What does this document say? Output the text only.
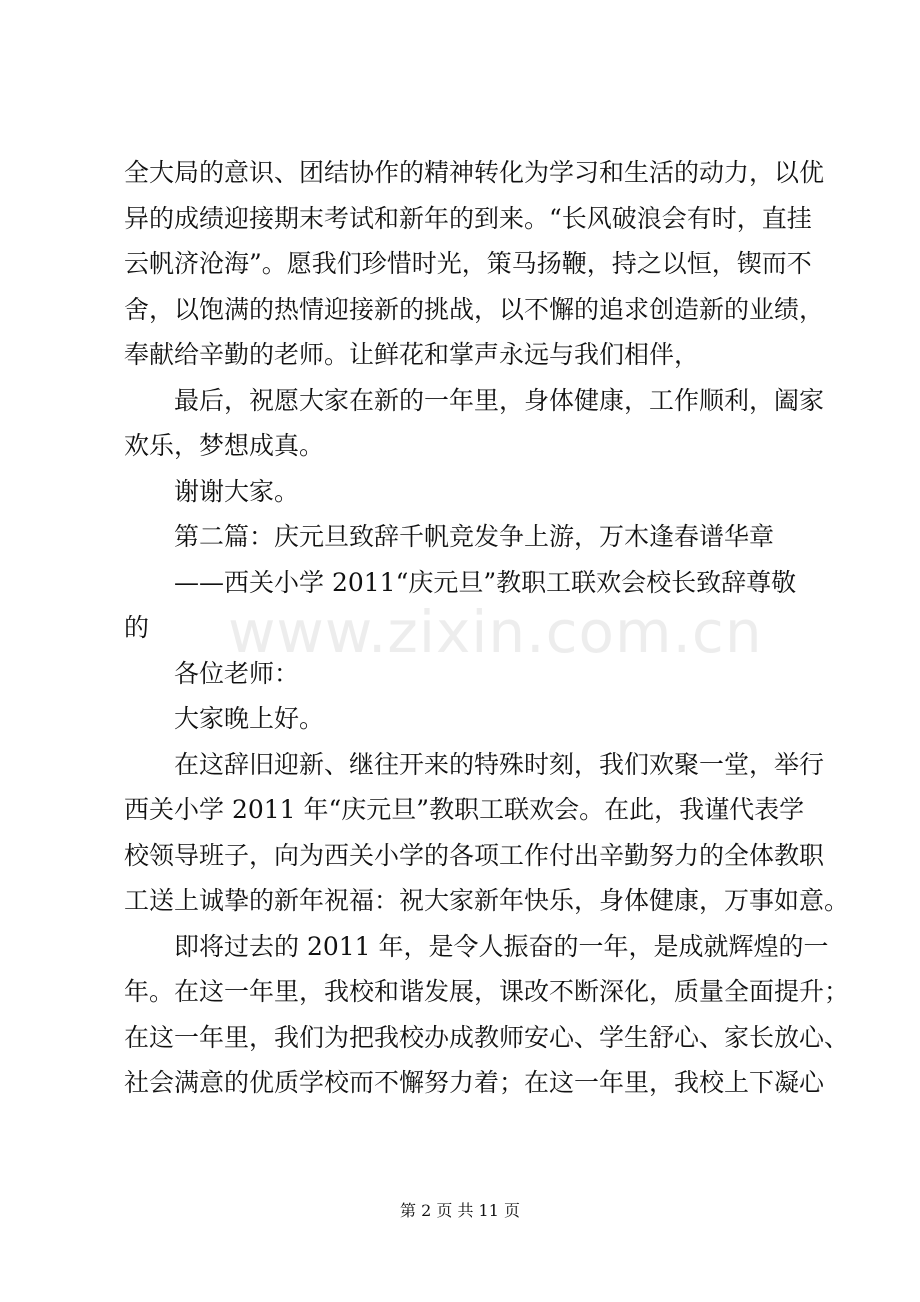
全大局的意识、团结协作的精神转化为学习和生活的动力，以优
异的成绩迎接期末考试和新年的到来。“长风破浪会有时，直挂
云帆济沧海”。愿我们珍惜时光，策马扬鞭，持之以恒，锲而不
舍，以饱满的热情迎接新的挑战，以不懈的追求创造新的业绩，
奉献给辛勤的老师。让鲜花和掌声永远与我们相伴，

最后，祝愿大家在新的一年里，身体健康，工作顺利，阖家
欢乐，梦想成真。

谢谢大家。

第二篇：庆元旦致辞千帆竞发争上游，万木逢春谱华章

——西关小学 2011“庆元旦”教职工联欢会校长致辞尊敬
的

各位老师：

大家晚上好。

在这辞旧迎新、继往开来的特殊时刻，我们欢聚一堂，举行
西关小学 2011 年“庆元旦”教职工联欢会。在此，我谨代表学
校领导班子，向为西关小学的各项工作付出辛勤努力的全体教职
工送上诚挚的新年祝福：祝大家新年快乐，身体健康，万事如意。

即将过去的 2011 年，是令人振奋的一年，是成就辉煌的一
年。在这一年里，我校和谐发展，课改不断深化，质量全面提升；
在这一年里，我们为把我校办成教师安心、学生舒心、家长放心、
社会满意的优质学校而不懈努力着；在这一年里，我校上下凝心

www.zixin.com.cn
第 2 页 共 11 页
